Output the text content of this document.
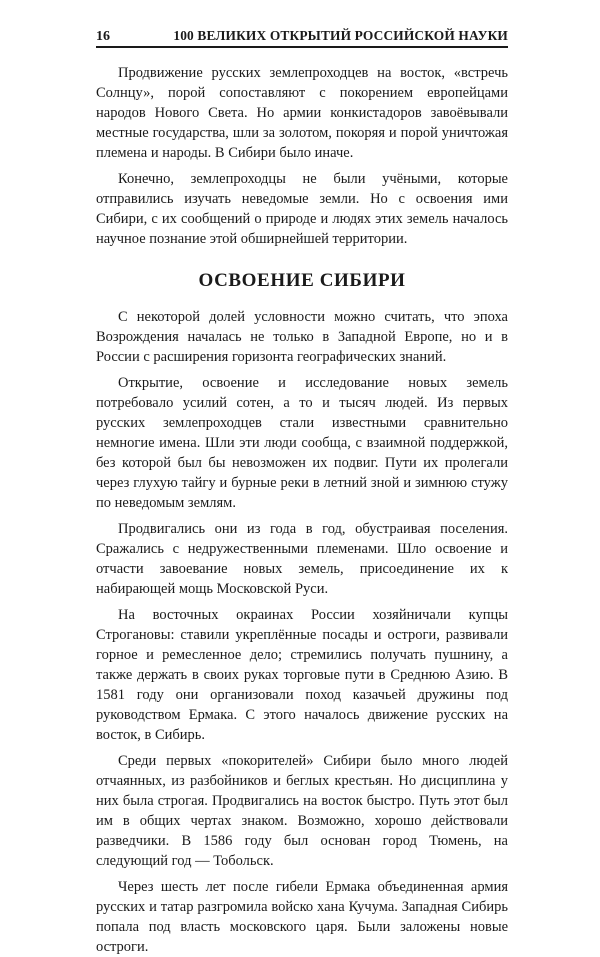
16	100 ВЕЛИКИХ ОТКРЫТИЙ РОССИЙСКОЙ НАУКИ

Продвижение русских землепроходцев на восток, «встречь Солнцу», порой сопоставляют с покорением европейцами народов Нового Света. Но армии конкистадоров завоёвывали местные государства, шли за золотом, покоряя и порой уничтожая племена и народы. В Сибири было иначе.

Конечно, землепроходцы не были учёными, которые отправились изучать неведомые земли. Но с освоения ими Сибири, с их сообщений о природе и людях этих земель началось научное познание этой обширнейшей территории.

ОСВОЕНИЕ СИБИРИ

С некоторой долей условности можно считать, что эпоха Возрождения началась не только в Западной Европе, но и в России с расширения горизонта географических знаний.

Открытие, освоение и исследование новых земель потребовало усилий сотен, а то и тысяч людей. Из первых русских землепроходцев стали известными сравнительно немногие имена. Шли эти люди сообща, с взаимной поддержкой, без которой был бы невозможен их подвиг. Пути их пролегали через глухую тайгу и бурные реки в летний зной и зимнюю стужу по неведомым землям.

Продвигались они из года в год, обустраивая поселения. Сражались с недружественными племенами. Шло освоение и отчасти завоевание новых земель, присоединение их к набирающей мощь Московской Руси.

На восточных окраинах России хозяйничали купцы Строгановы: ставили укреплённые посады и остроги, развивали горное и ремесленное дело; стремились получать пушнину, а также держать в своих руках торговые пути в Среднюю Азию. В 1581 году они организовали поход казачьей дружины под руководством Ермака. С этого началось движение русских на восток, в Сибирь.

Среди первых «покорителей» Сибири было много людей отчаянных, из разбойников и беглых крестьян. Но дисциплина у них была строгая. Продвигались на восток быстро. Путь этот был им в общих чертах знаком. Возможно, хорошо действовали разведчики. В 1586 году был основан город Тюмень, на следующий год — Тобольск.

Через шесть лет после гибели Ермака объединенная армия русских и татар разгромила войско хана Кучума. Западная Сибирь попала под власть московского царя. Были заложены новые остроги.
